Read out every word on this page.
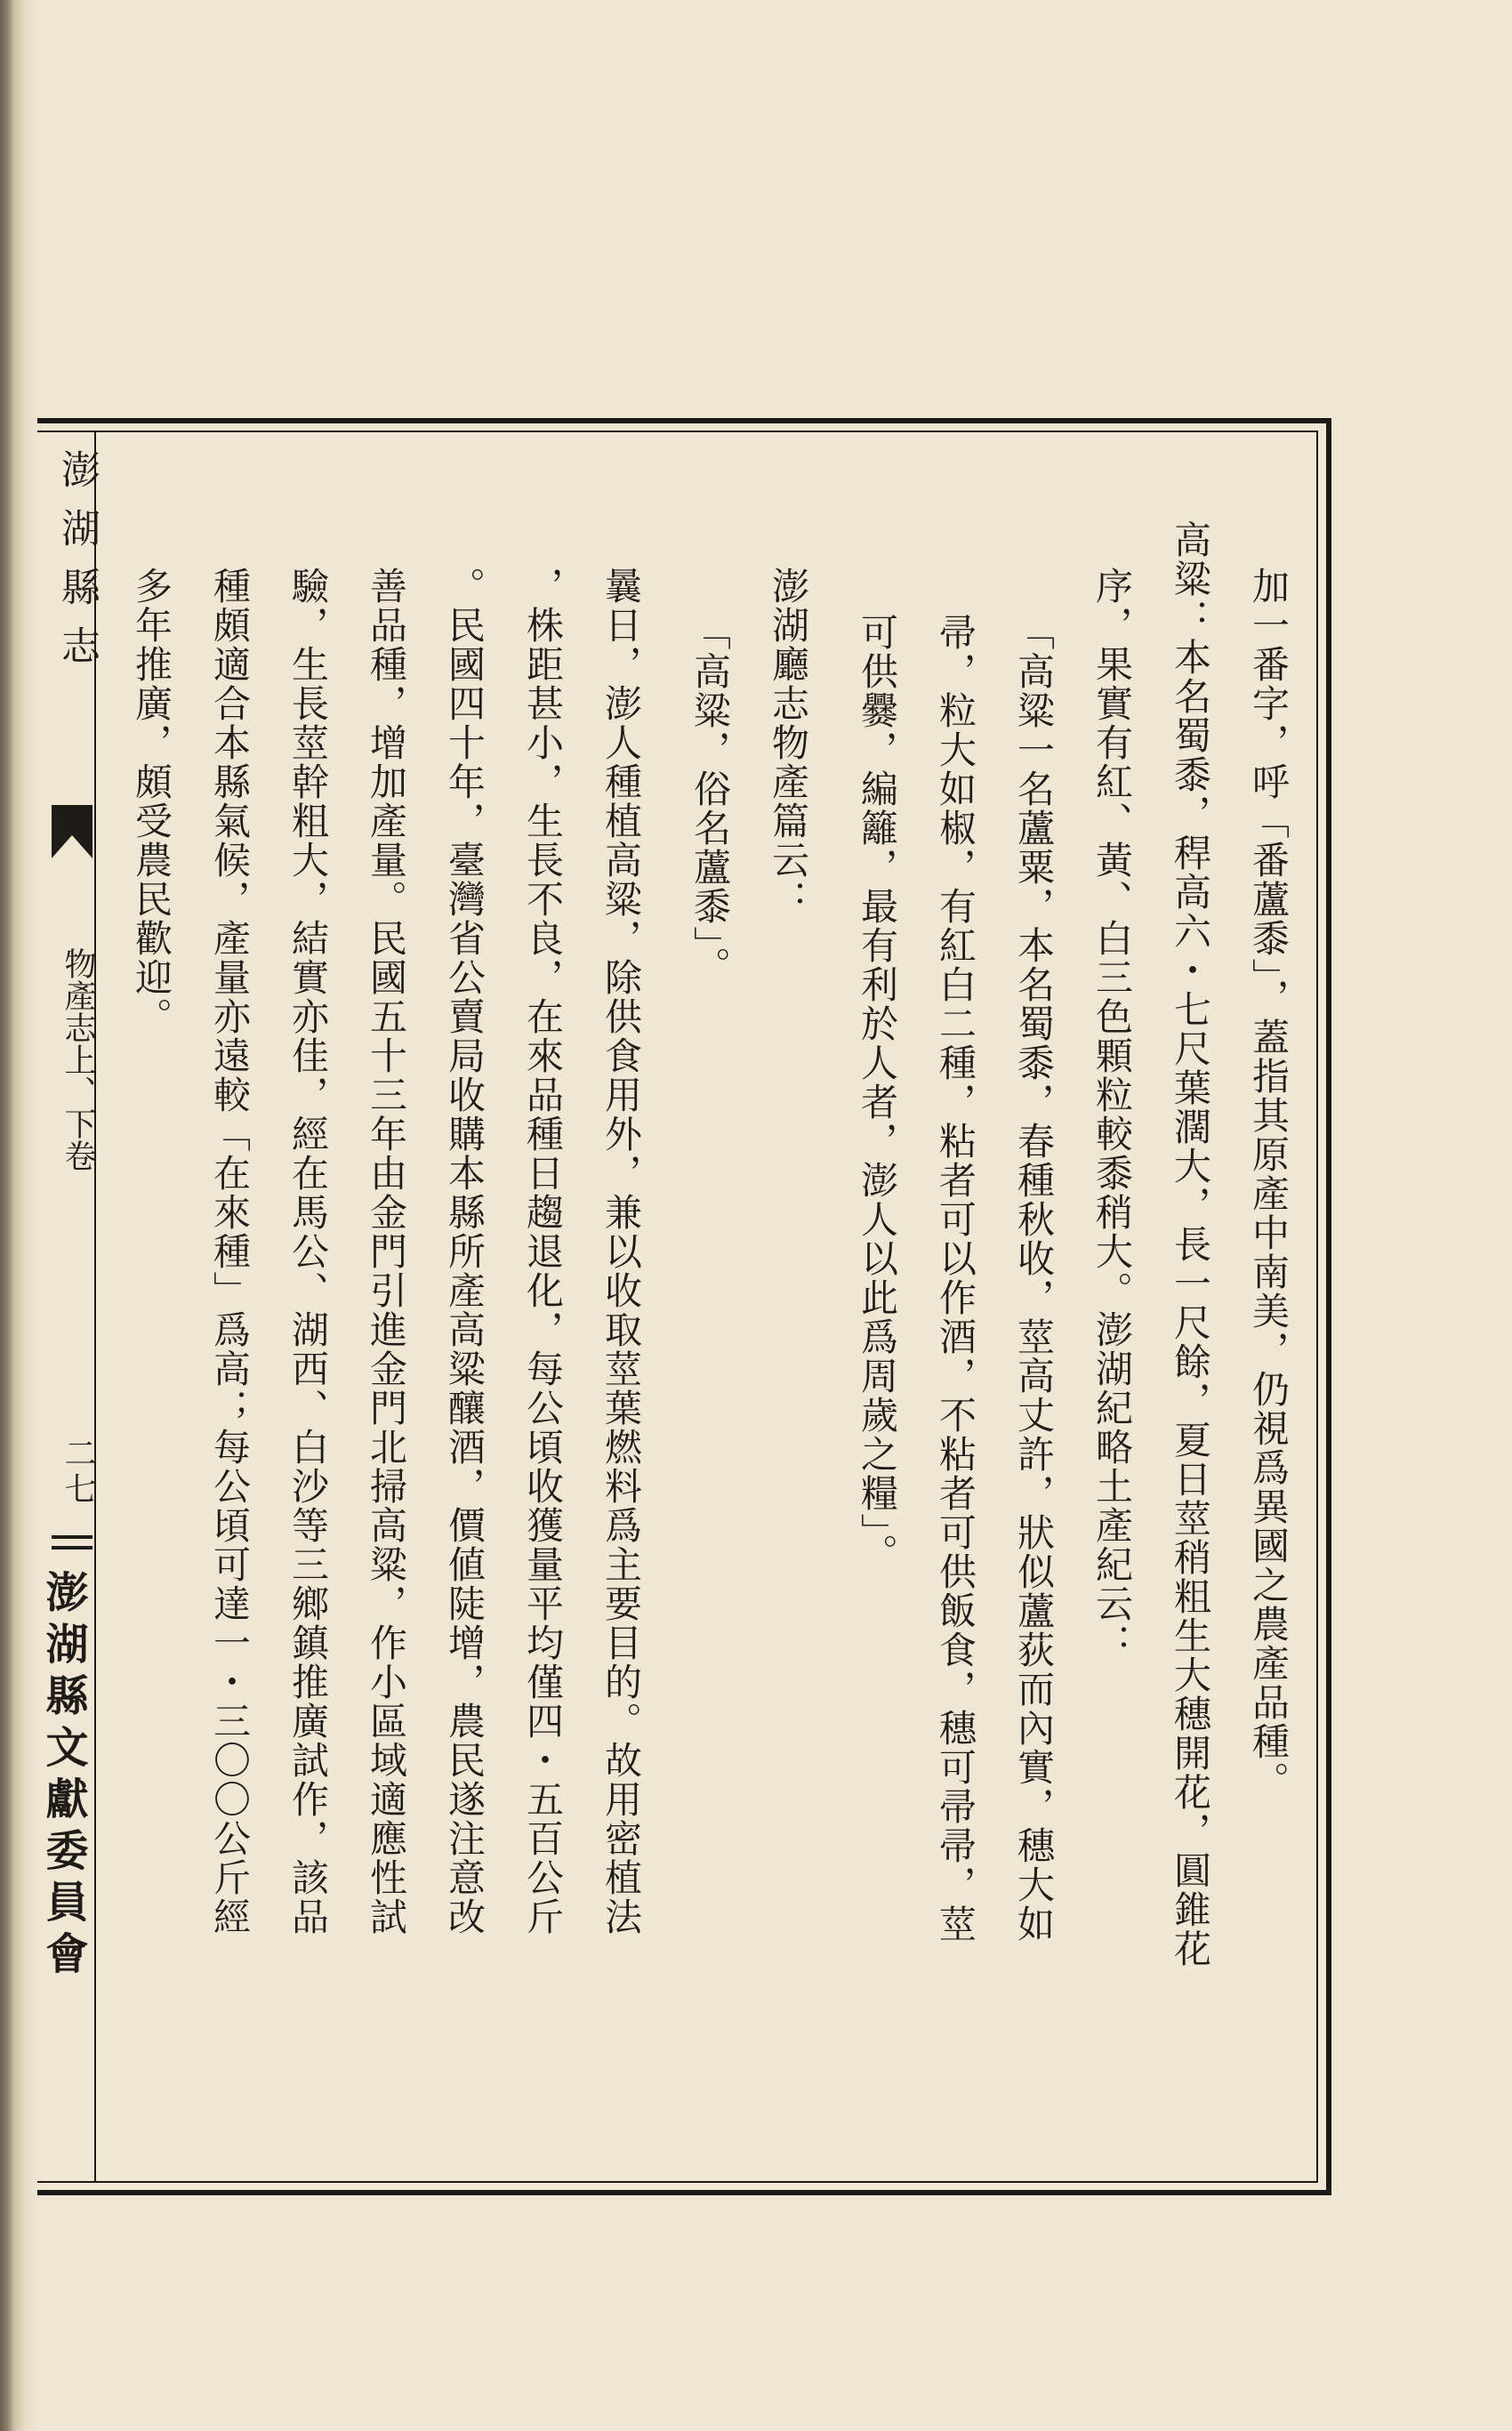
澎湖縣志
物產志上、下卷
二七
澎湖縣文獻委員會	加一番字，呼「番蘆黍」，蓋指其原產中南美，仍視爲異國之農產品種。
高粱：本名蜀黍，稈高六・七尺葉濶大，長一尺餘，夏日莖稍粗生大穗開花，圓錐花
序，果實有紅、黃、白三色顆粒較黍稍大。澎湖紀略土產紀云：
「高粱一名蘆粟，本名蜀黍，春種秋收，莖高丈許，狀似蘆荻而內實，穗大如
帚，粒大如椒，有紅白二種，粘者可以作酒，不粘者可供飯食，穗可帚帚，莖
可供爨，編籬，最有利於人者，澎人以此爲周歲之糧」。
澎湖廳志物產篇云：
「高粱，俗名蘆黍」。
曩日，澎人種植高粱，除供食用外，兼以收取莖葉燃料爲主要目的。故用密植法
，株距甚小，生長不良，在來品種日趨退化，每公頃收獲量平均僅四・五百公斤
。民國四十年，臺灣省公賣局收購本縣所產高粱釀酒，價値陡增，農民遂注意改
善品種，增加產量。民國五十三年由金門引進金門北掃高粱，作小區域適應性試
驗，生長莖幹粗大，結實亦佳，經在馬公、湖西、白沙等三鄉鎮推廣試作，該品
種頗適合本縣氣候，產量亦遠較「在來種」爲高；每公頃可達一・三〇〇公斤經
多年推廣，頗受農民歡迎。
